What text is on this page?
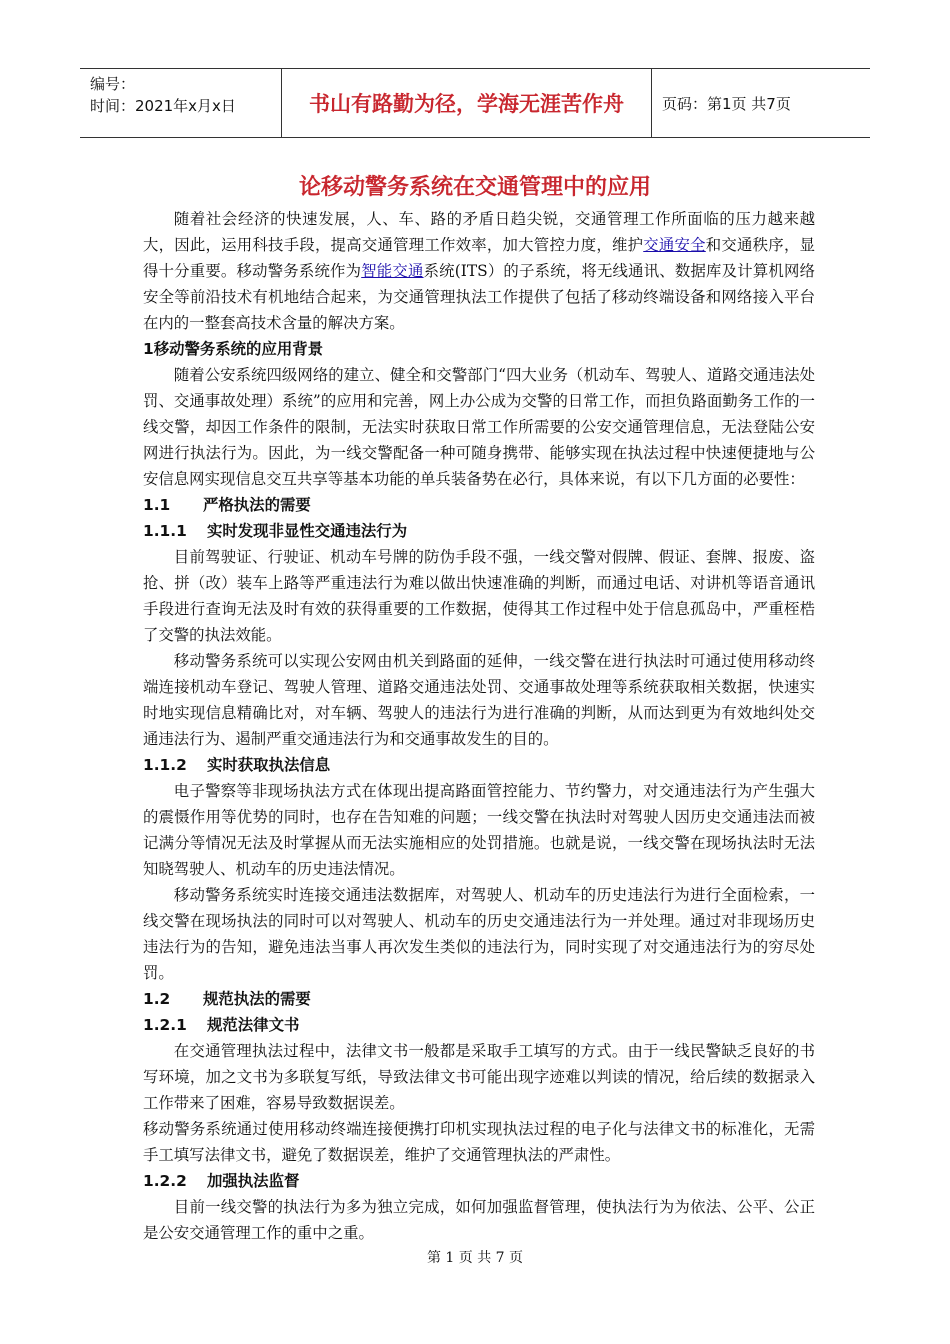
编号：
时间：2021年x月x日	书山有路勤为径，学海无涯苦作舟	页码：第1页 共7页
论移动警务系统在交通管理中的应用

随着社会经济的快速发展，人、车、路的矛盾日趋尖锐，交通管理工作所面临的压力越来越大，因此，运用科技手段，提高交通管理工作效率，加大管控力度，维护交通安全和交通秩序，显得十分重要。移动警务系统作为智能交通系统(ITS）的子系统，将无线通讯、数据库及计算机网络安全等前沿技术有机地结合起来，为交通管理执法工作提供了包括了移动终端设备和网络接入平台在内的一整套高技术含量的解决方案。

1移动警务系统的应用背景

随着公安系统四级网络的建立、健全和交警部门“四大业务（机动车、驾驶人、道路交通违法处罚、交通事故处理）系统”的应用和完善，网上办公成为交警的日常工作，而担负路面勤务工作的一线交警，却因工作条件的限制，无法实时获取日常工作所需要的公安交通管理信息，无法登陆公安网进行执法行为。因此，为一线交警配备一种可随身携带、能够实现在执法过程中快速便捷地与公安信息网实现信息交互共享等基本功能的单兵装备势在必行，具体来说，有以下几方面的必要性：

1.1 严格执法的需要
1.1.1 实时发现非显性交通违法行为

目前驾驶证、行驶证、机动车号牌的防伪手段不强，一线交警对假牌、假证、套牌、报废、盗抢、拼（改）装车上路等严重违法行为难以做出快速准确的判断，而通过电话、对讲机等语音通讯手段进行查询无法及时有效的获得重要的工作数据，使得其工作过程中处于信息孤岛中，严重桎梏了交警的执法效能。

移动警务系统可以实现公安网由机关到路面的延伸，一线交警在进行执法时可通过使用移动终端连接机动车登记、驾驶人管理、道路交通违法处罚、交通事故处理等系统获取相关数据，快速实时地实现信息精确比对，对车辆、驾驶人的违法行为进行准确的判断，从而达到更为有效地纠处交通违法行为、遏制严重交通违法行为和交通事故发生的目的。

1.1.2 实时获取执法信息

电子警察等非现场执法方式在体现出提高路面管控能力、节约警力，对交通违法行为产生强大的震慑作用等优势的同时，也存在告知难的问题；一线交警在执法时对驾驶人因历史交通违法而被记满分等情况无法及时掌握从而无法实施相应的处罚措施。也就是说，一线交警在现场执法时无法知晓驾驶人、机动车的历史违法情况。

移动警务系统实时连接交通违法数据库，对驾驶人、机动车的历史违法行为进行全面检索，一线交警在现场执法的同时可以对驾驶人、机动车的历史交通违法行为一并处理。通过对非现场历史违法行为的告知，避免违法当事人再次发生类似的违法行为，同时实现了对交通违法行为的穷尽处罚。

1.2 规范执法的需要
1.2.1 规范法律文书

在交通管理执法过程中，法律文书一般都是采取手工填写的方式。由于一线民警缺乏良好的书写环境，加之文书为多联复写纸，导致法律文书可能出现字迹难以判读的情况，给后续的数据录入工作带来了困难，容易导致数据误差。

移动警务系统通过使用移动终端连接便携打印机实现执法过程的电子化与法律文书的标准化，无需手工填写法律文书，避免了数据误差，维护了交通管理执法的严肃性。

1.2.2 加强执法监督

目前一线交警的执法行为多为独立完成，如何加强监督管理，使执法行为为依法、公平、公正是公安交通管理工作的重中之重。

第 1 页 共 7 页
